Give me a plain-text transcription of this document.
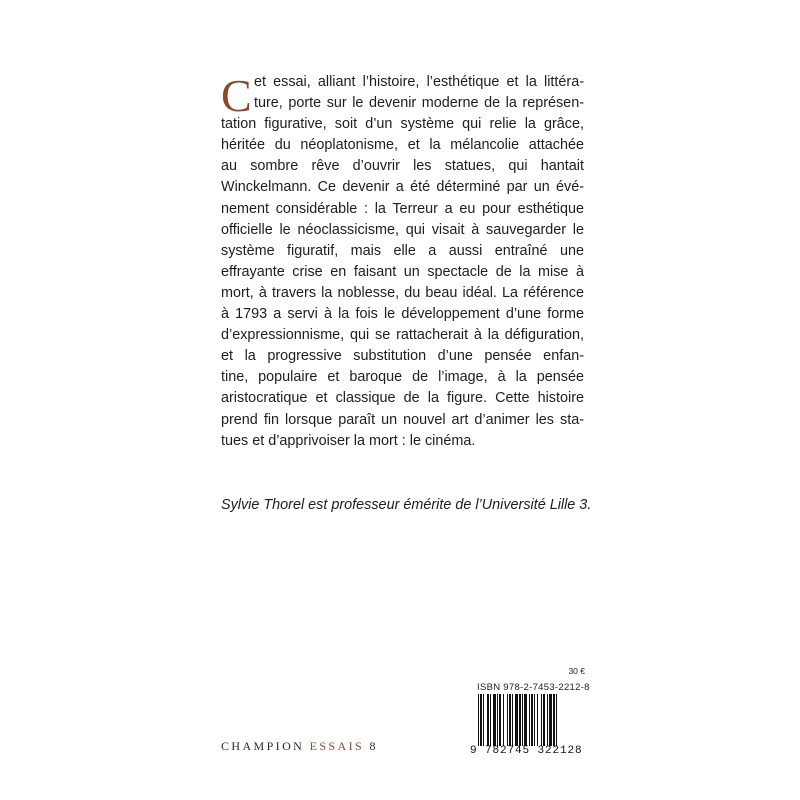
C et essai, alliant l’histoire, l’esthétique et la littéra-
ture, porte sur le devenir moderne de la représen-
tation figurative, soit d’un système qui relie la grâce,
héritée du néoplatonisme, et la mélancolie attachée
au sombre rêve d’ouvrir les statues, qui hantait
Winckelmann. Ce devenir a été déterminé par un évé-
nement considérable : la Terreur a eu pour esthétique
officielle le néoclassicisme, qui visait à sauvegarder le
système figuratif, mais elle a aussi entraîné une
effrayante crise en faisant un spectacle de la mise à
mort, à travers la noblesse, du beau idéal. La référence
à 1793 a servi à la fois le développement d’une forme
d’expressionnisme, qui se rattacherait à la défiguration,
et la progressive substitution d’une pensée enfan-
tine, populaire et baroque de l’image, à la pensée
aristocratique et classique de la figure. Cette histoire
prend fin lorsque paraît un nouvel art d’animer les sta-
tues et d’apprivoiser la mort : le cinéma.
Sylvie Thorel est professeur émérite de l’Université Lille 3.
CHAMPION ESSAIS 8
30 €
ISBN 978-2-7453-2212-8
9 782745 322128
